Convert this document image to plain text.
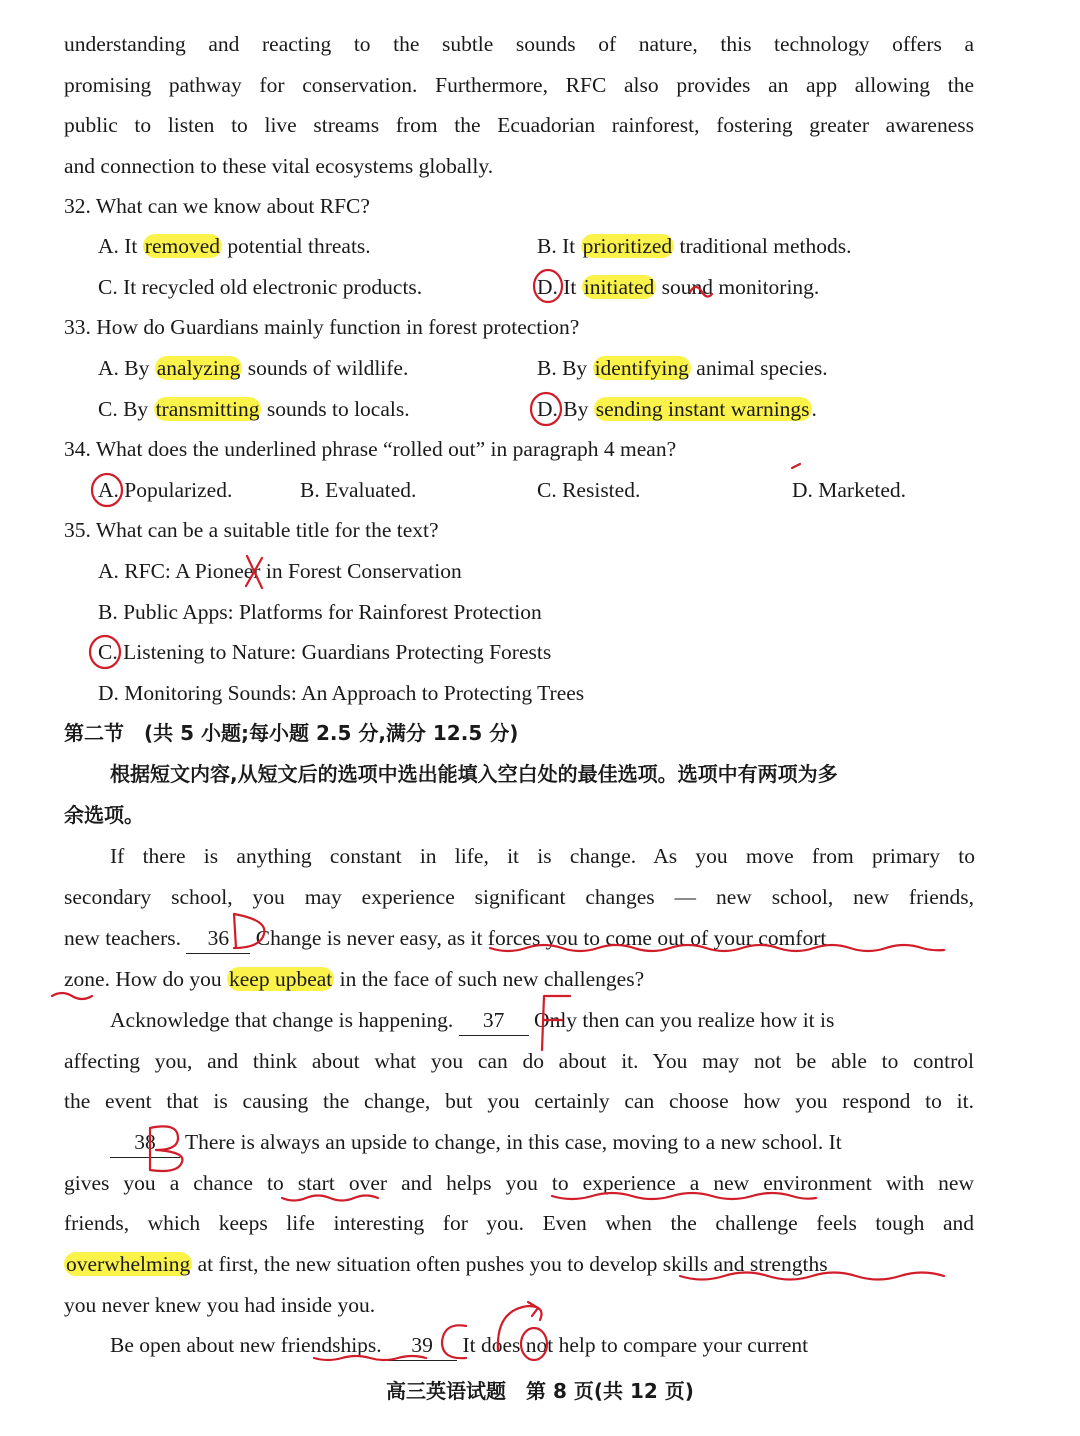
understanding and reacting to the subtle sounds of nature, this technology offers a
promising pathway for conservation. Furthermore, RFC also provides an app allowing the
public to listen to live streams from the Ecuadorian rainforest, fostering greater awareness
and connection to these vital ecosystems globally.
32. What can we know about RFC?
A. It removed potential threats.	B. It prioritized traditional methods.
C. It recycled old electronic products.	D. It initiated sound monitoring.
33. How do Guardians mainly function in forest protection?
A. By analyzing sounds of wildlife.	B. By identifying animal species.
C. By transmitting sounds to locals.	D. By sending instant warnings.
34. What does the underlined phrase “rolled out” in paragraph 4 mean?
A. Popularized.	B. Evaluated.	C. Resisted.	D. Marketed.
35. What can be a suitable title for the text?
A. RFC: A Pioneer in Forest Conservation
B. Public Apps: Platforms for Rainforest Protection
C. Listening to Nature: Guardians Protecting Forests
D. Monitoring Sounds: An Approach to Protecting Trees
第二节　(共 5 小题;每小题 2.5 分,满分 12.5 分)
根据短文内容,从短文后的选项中选出能填入空白处的最佳选项。选项中有两项为多
余选项。
If there is anything constant in life, it is change. As you move from primary to
secondary school, you may experience significant changes — new school, new friends,
new teachers. 36 Change is never easy, as it forces you to come out of your comfort
zone. How do you keep upbeat in the face of such new challenges?
Acknowledge that change is happening. 37 Only then can you realize how it is
affecting you, and think about what you can do about it. You may not be able to control
the event that is causing the change, but you certainly can choose how you respond to it.
38 There is always an upside to change, in this case, moving to a new school. It
gives you a chance to start over and helps you to experience a new environment with new
friends, which keeps life interesting for you. Even when the challenge feels tough and
overwhelming at first, the new situation often pushes you to develop skills and strengths
you never knew you had inside you.
Be open about new friendships. 39 It does not help to compare your current
高三英语试题　第 8 页(共 12 页)
